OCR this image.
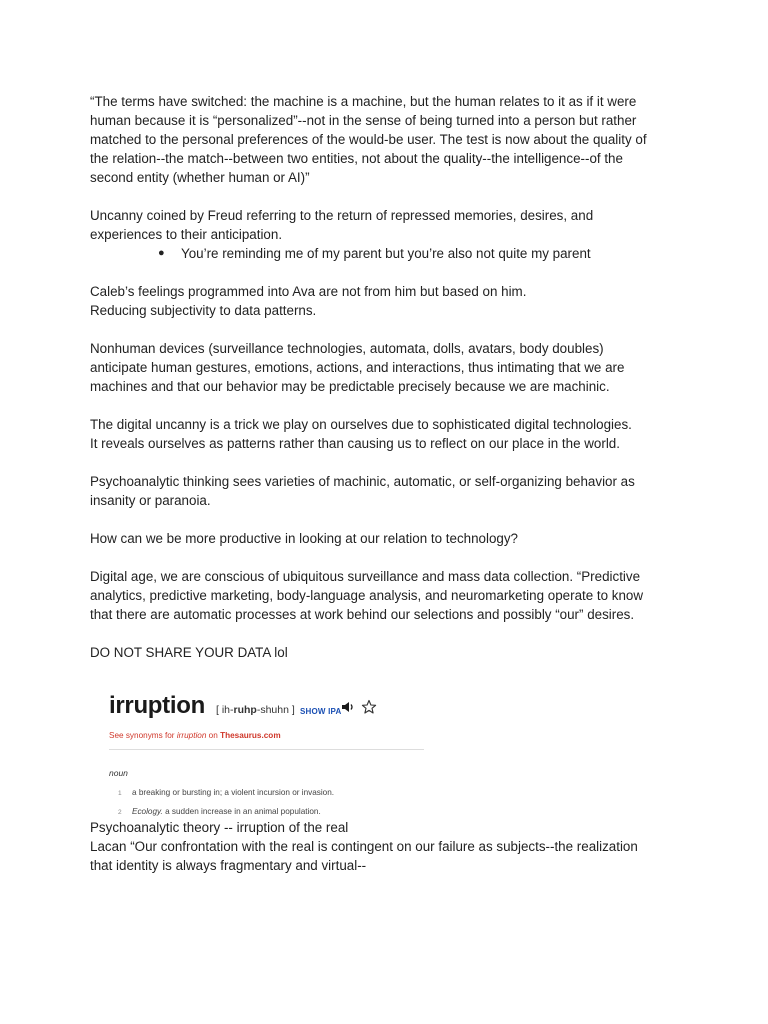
“The terms have switched: the machine is a machine, but the human relates to it as if it were

human because it is “personalized”--not in the sense of being turned into a person but rather

matched to the personal preferences of the would-be user. The test is now about the quality of

the relation--the match--between two entities, not about the quality--the intelligence--of the

second entity (whether human or AI)”

Uncanny coined by Freud referring to the return of repressed memories, desires, and

experiences to their anticipation.

● You’re reminding me of my parent but you’re also not quite my parent

Caleb’s feelings programmed into Ava are not from him but based on him.

Reducing subjectivity to data patterns.

Nonhuman devices (surveillance technologies, automata, dolls, avatars, body doubles)

anticipate human gestures, emotions, actions, and interactions, thus intimating that we are

machines and that our behavior may be predictable precisely because we are machinic.

The digital uncanny is a trick we play on ourselves due to sophisticated digital technologies.

It reveals ourselves as patterns rather than causing us to reflect on our place in the world.

Psychoanalytic thinking sees varieties of machinic, automatic, or self-organizing behavior as

insanity or paranoia.

How can we be more productive in looking at our relation to technology?

Digital age, we are conscious of ubiquitous surveillance and mass data collection. “Predictive

analytics, predictive marketing, body-language analysis, and neuromarketing operate to know

that there are automatic processes at work behind our selections and possibly “our” desires.

DO NOT SHARE YOUR DATA lol

irruption [ ih-ruhp-shuhn ] SHOW IPA
See synonyms for irruption on Thesaurus.com
noun
1 a breaking or bursting in; a violent incursion or invasion.
2 Ecology. a sudden increase in an animal population.

Psychoanalytic theory -- irruption of the real

Lacan “Our confrontation with the real is contingent on our failure as subjects--the realization

that identity is always fragmentary and virtual--
